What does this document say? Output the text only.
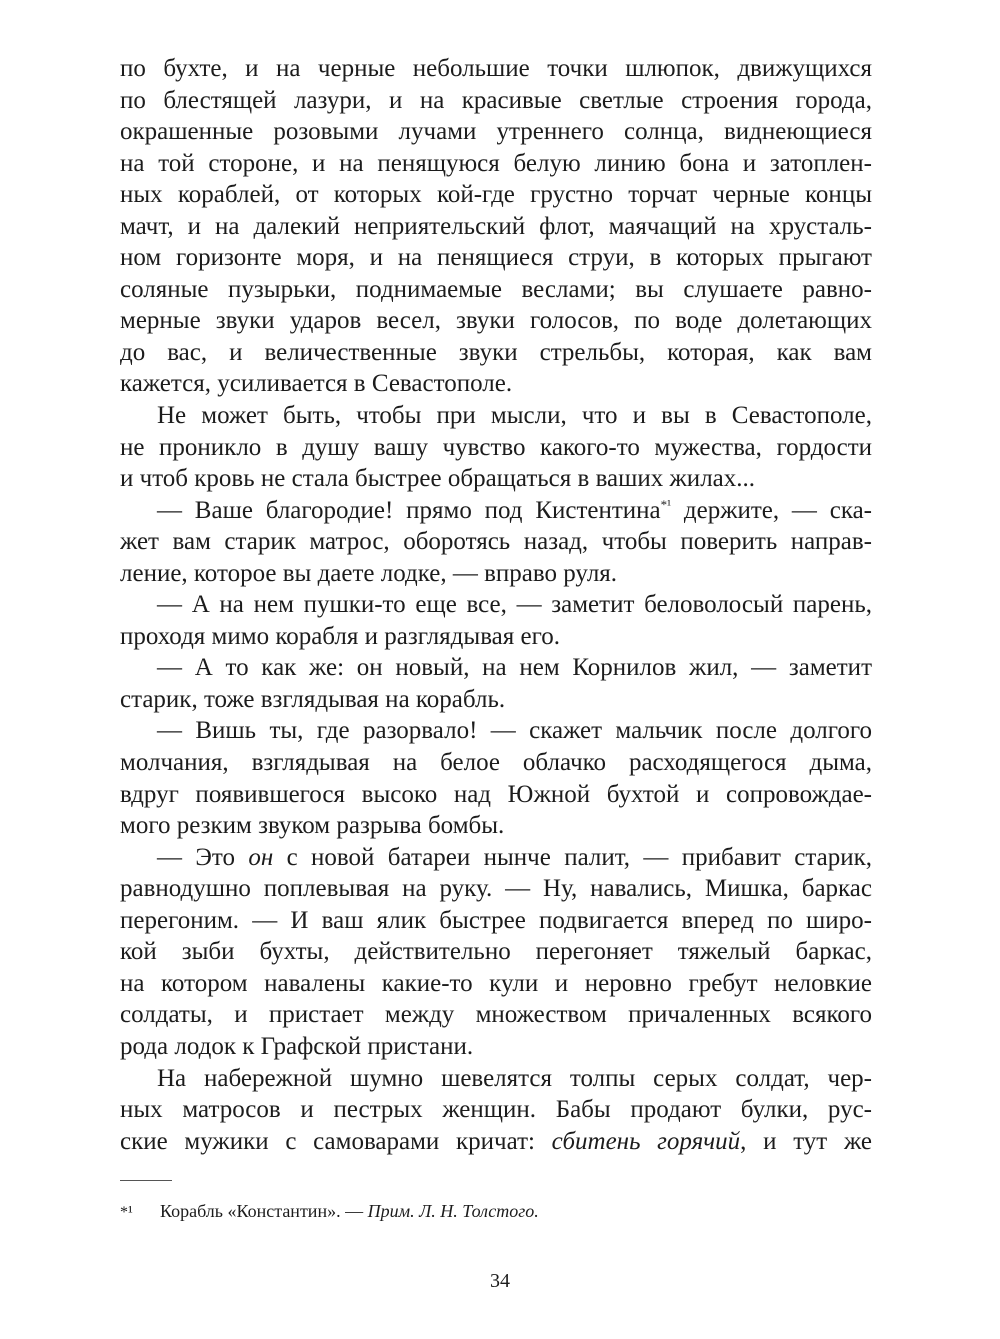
по бухте, и на черные небольшие точки шлюпок, движущихся
по блестящей лазури, и на красивые светлые строения города,
окрашенные розовыми лучами утреннего солнца, виднеющиеся
на той стороне, и на пенящуюся белую линию бона и затоплен-
ных кораблей, от которых кой-где грустно торчат черные концы
мачт, и на далекий неприятельский флот, маячащий на хрусталь-
ном горизонте моря, и на пенящиеся струи, в которых прыгают
соляные пузырьки, поднимаемые веслами; вы слушаете равно-
мерные звуки ударов весел, звуки голосов, по воде долетающих
до вас, и величественные звуки стрельбы, которая, как вам
кажется, усиливается в Севастополе.
Не может быть, чтобы при мысли, что и вы в Севастополе,
не проникло в душу вашу чувство какого-то мужества, гордости
и чтоб кровь не стала быстрее обращаться в ваших жилах...
— Ваше благородие! прямо под Кистентина$^{*^1}$ держите, — ска-
жет вам старик матрос, оборотясь назад, чтобы поверить направ-
ление, которое вы даете лодке, — вправо руля.
— А на нем пушки-то еще все, — заметит беловолосый парень,
проходя мимо корабля и разглядывая его.
— А то как же: он новый, на нем Корнилов жил, — заметит
старик, тоже взглядывая на корабль.
— Вишь ты, где разорвало! — скажет мальчик после долгого
молчания, взглядывая на белое облачко расходящегося дыма,
вдруг появившегося высоко над Южной бухтой и сопровождае-
мого резким звуком разрыва бомбы.
— Это он с новой батареи нынче палит, — прибавит старик,
равнодушно поплевывая на руку. — Ну, навались, Мишка, баркас
перегоним. — И ваш ялик быстрее подвигается вперед по широ-
кой зыби бухты, действительно перегоняет тяжелый баркас,
на котором навалены какие-то кули и неровно гребут неловкие
солдаты, и пристает между множеством причаленных всякого
рода лодок к Графской пристани.
На набережной шумно шевелятся толпы серых солдат, чер-
ных матросов и пестрых женщин. Бабы продают булки, рус-
ские мужики с самоварами кричат: сбитень горячий, и тут же
*¹ Корабль «Константин». — Прим. Л. Н. Толстого.
34
